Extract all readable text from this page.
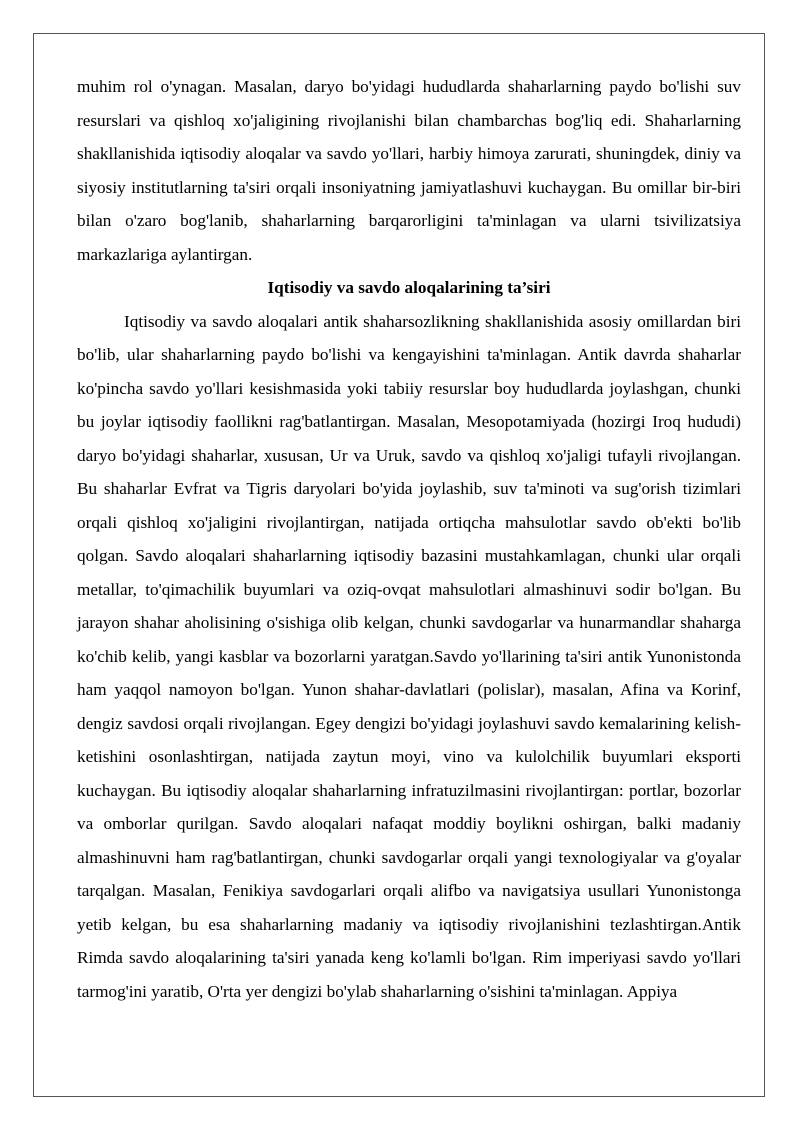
muhim rol o'ynagan. Masalan, daryo bo'yidagi hududlarda shaharlarning paydo bo'lishi suv resurslari va qishloq xo'jaligining rivojlanishi bilan chambarchas bog'liq edi. Shaharlarning shakllanishida iqtisodiy aloqalar va savdo yo'llari, harbiy himoya zarurati, shuningdek, diniy va siyosiy institutlarning ta'siri orqali insoniyatning jamiyatlashuvi kuchaygan. Bu omillar bir-biri bilan o'zaro bog'lanib, shaharlarning barqarorligini ta'minlagan va ularni tsivilizatsiya markazlariga aylantirgan.

Iqtisodiy va savdo aloqalarining ta’siri

Iqtisodiy va savdo aloqalari antik shaharsozlikning shakllanishida asosiy omillardan biri bo'lib, ular shaharlarning paydo bo'lishi va kengayishini ta'minlagan. Antik davrda shaharlar ko'pincha savdo yo'llari kesishmasida yoki tabiiy resurslar boy hududlarda joylashgan, chunki bu joylar iqtisodiy faollikni rag'batlantirgan. Masalan, Mesopotamiyada (hozirgi Iroq hududi) daryo bo'yidagi shaharlar, xususan, Ur va Uruk, savdo va qishloq xo'jaligi tufayli rivojlangan. Bu shaharlar Evfrat va Tigris daryolari bo'yida joylashib, suv ta'minoti va sug'orish tizimlari orqali qishloq xo'jaligini rivojlantirgan, natijada ortiqcha mahsulotlar savdo ob'ekti bo'lib qolgan. Savdo aloqalari shaharlarning iqtisodiy bazasini mustahkamlagan, chunki ular orqali metallar, to'qimachilik buyumlari va oziq-ovqat mahsulotlari almashinuvi sodir bo'lgan. Bu jarayon shahar aholisining o'sishiga olib kelgan, chunki savdogarlar va hunarmandlar shaharga ko'chib kelib, yangi kasblar va bozorlarni yaratgan.Savdo yo'llarining ta'siri antik Yunonistonda ham yaqqol namoyon bo'lgan. Yunon shahar-davlatlari (polislar), masalan, Afina va Korinf, dengiz savdosi orqali rivojlangan. Egey dengizi bo'yidagi joylashuvi savdo kemalarining kelish-ketishini osonlashtirgan, natijada zaytun moyi, vino va kulolchilik buyumlari eksporti kuchaygan. Bu iqtisodiy aloqalar shaharlarning infratuzilmasini rivojlantirgan: portlar, bozorlar va omborlar qurilgan. Savdo aloqalari nafaqat moddiy boylikni oshirgan, balki madaniy almashinuvni ham rag'batlantirgan, chunki savdogarlar orqali yangi texnologiyalar va g'oyalar tarqalgan. Masalan, Fenikiya savdogarlari orqali alifbo va navigatsiya usullari Yunonistonga yetib kelgan, bu esa shaharlarning madaniy va iqtisodiy rivojlanishini tezlashtirgan.Antik Rimda savdo aloqalarining ta'siri yanada keng ko'lamli bo'lgan. Rim imperiyasi savdo yo'llari tarmog'ini yaratib, O'rta yer dengizi bo'ylab shaharlarning o'sishini ta'minlagan. Appiya
